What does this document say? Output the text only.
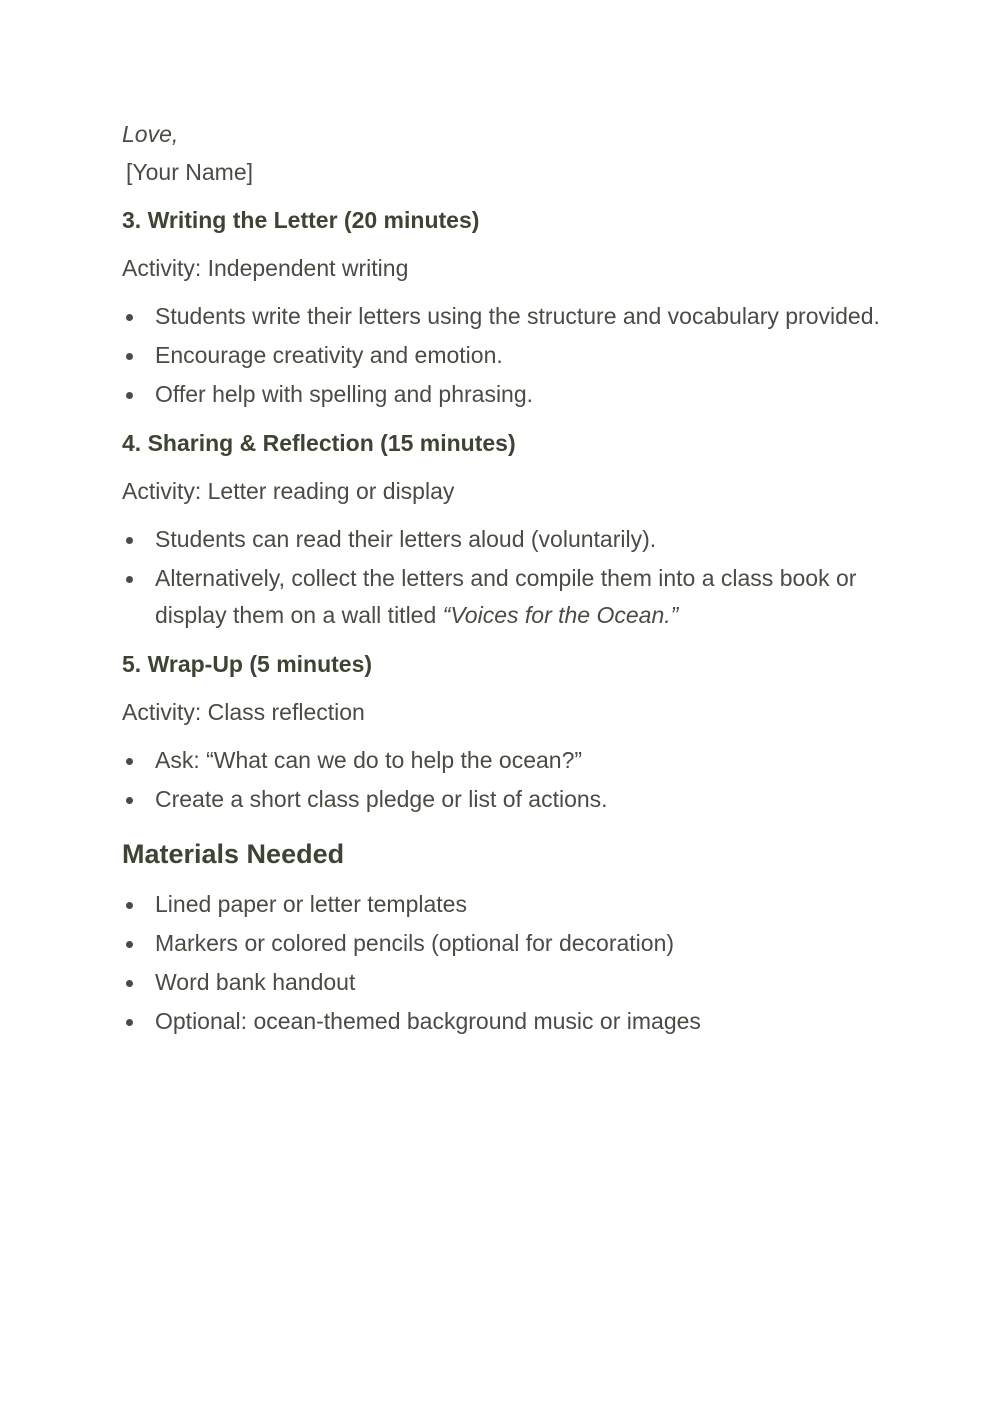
Love,

[Your Name]

3. Writing the Letter (20 minutes)

Activity: Independent writing

Students write their letters using the structure and vocabulary provided.
Encourage creativity and emotion.
Offer help with spelling and phrasing.
4. Sharing & Reflection (15 minutes)

Activity: Letter reading or display

Students can read their letters aloud (voluntarily).
Alternatively, collect the letters and compile them into a class book or display them on a wall titled “Voices for the Ocean.”
5. Wrap-Up (5 minutes)

Activity: Class reflection

Ask: “What can we do to help the ocean?”
Create a short class pledge or list of actions.
Materials Needed
Lined paper or letter templates
Markers or colored pencils (optional for decoration)
Word bank handout
Optional: ocean-themed background music or images
